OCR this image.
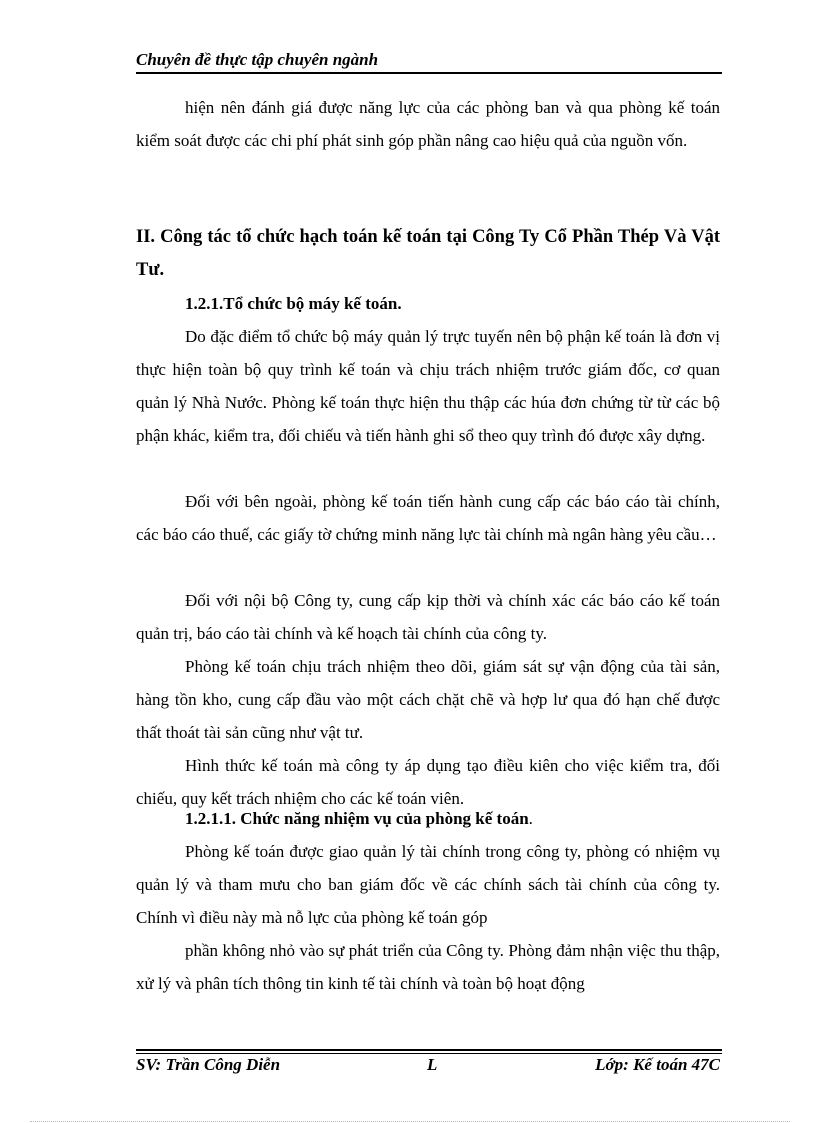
Chuyên đề thực tập chuyên ngành
hiện nên đánh giá được năng lực của các phòng ban và qua phòng kế toán kiểm soát được các chi phí phát sinh góp phần nâng cao hiệu quả của nguồn vốn.
II. Công tác tổ chức hạch toán kế toán tại Công Ty Cổ Phần Thép Và Vật Tư.
1.2.1.Tổ chức bộ máy kế toán.
Do đặc điểm tổ chức bộ máy quản lý trực tuyến nên bộ phận kế toán là đơn vị thực hiện toàn bộ quy trình kế toán và chịu trách nhiệm trước giám đốc, cơ quan quản lý Nhà Nước. Phòng kế toán thực hiện thu thập các húa đơn chứng từ từ các bộ phận khác, kiểm tra, đối chiếu và tiến hành ghi sổ theo quy trình đó được xây dựng.
Đối với bên ngoài, phòng kế toán tiến hành cung cấp các báo cáo tài chính, các báo cáo thuế, các giấy tờ chứng minh năng lực tài chính mà ngân hàng yêu cầu…
Đối với nội bộ Công ty, cung cấp kịp thời và chính xác các báo cáo kế toán quản trị, báo cáo tài chính và kế hoạch tài chính của công ty.
Phòng kế toán chịu trách nhiệm theo dõi, giám sát sự vận động của tài sản, hàng tồn kho, cung cấp đầu vào một cách chặt chẽ và hợp lư qua đó hạn chế được thất thoát tài sản cũng như vật tư.
Hình thức kế toán mà công ty áp dụng tạo điều kiên cho việc kiểm tra, đối chiếu, quy kết trách nhiệm cho các kế toán viên.
1.2.1.1. Chức năng nhiệm vụ của phòng kế toán.
Phòng kế toán được giao quản lý tài chính trong công ty, phòng có nhiệm vụ quản lý và tham mưu cho ban giám đốc về các chính sách tài chính của công ty. Chính vì điều này mà nỗ lực của phòng kế toán góp
phần không nhỏ vào sự phát triển của Công ty. Phòng đảm nhận việc thu thập, xử lý và phân tích thông tin kinh tế tài chính và toàn bộ hoạt động
SV: Trần Công Diễn	L	Lớp: Kế toán 47C
